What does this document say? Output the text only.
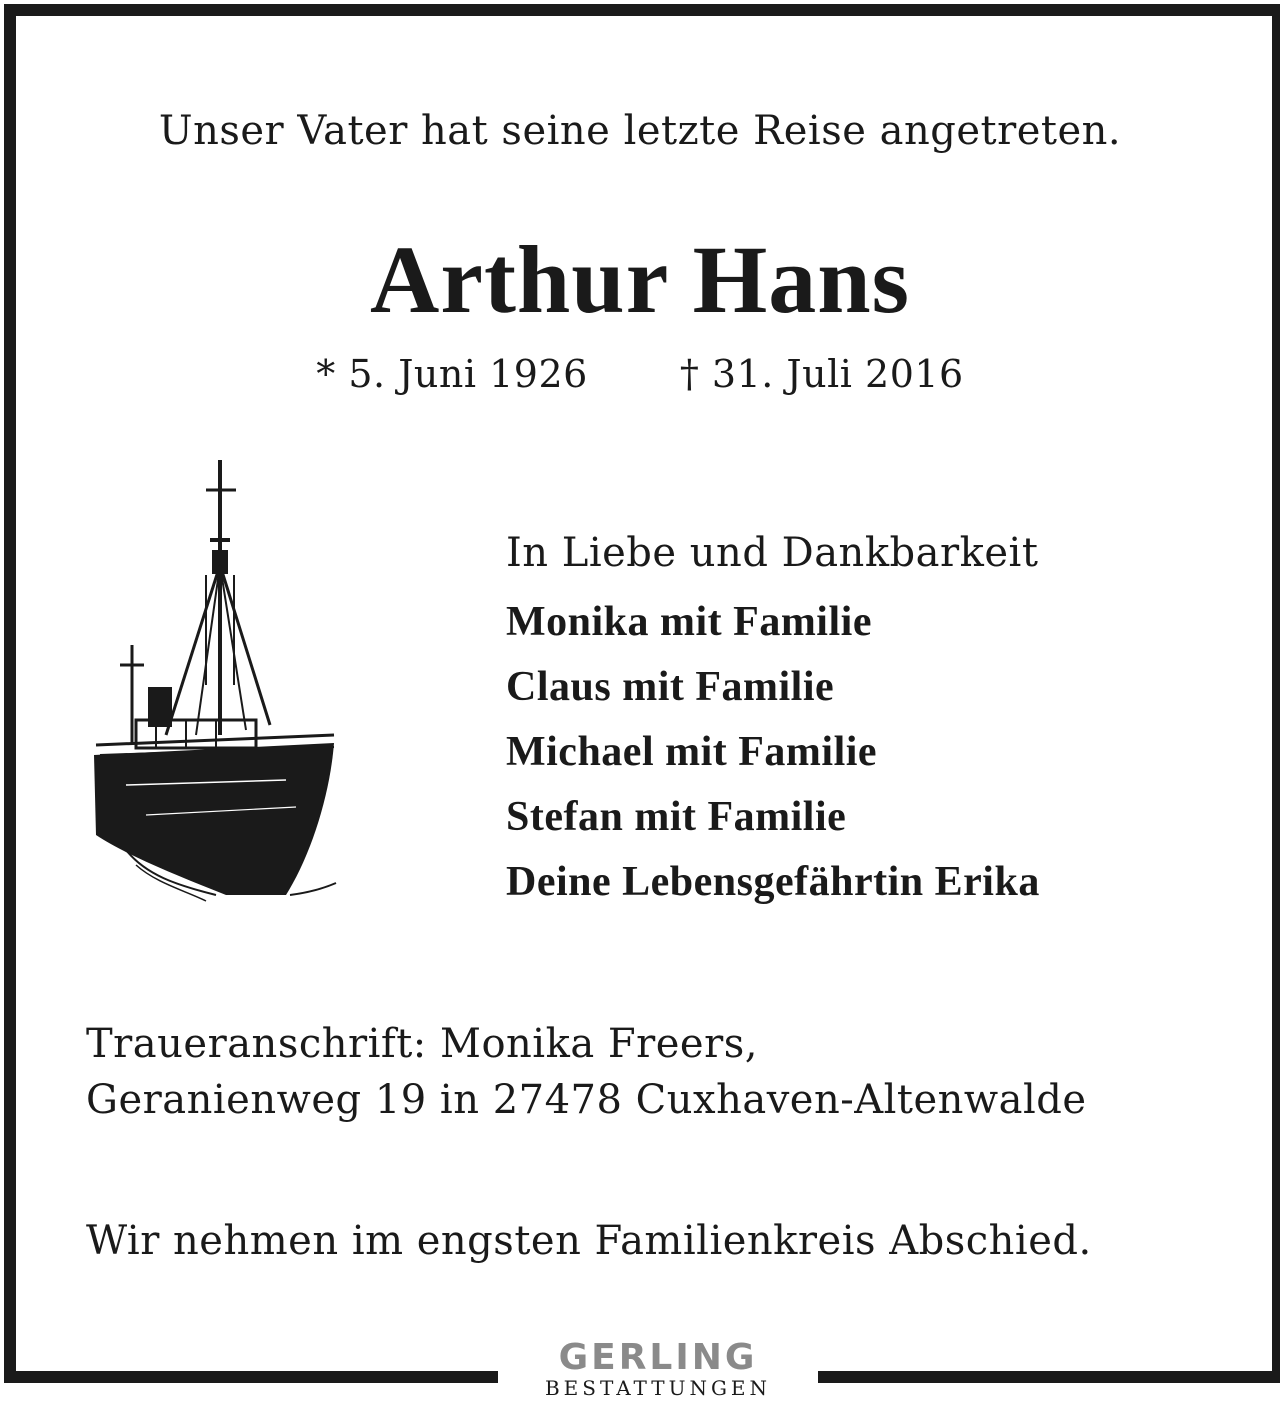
Unser Vater hat seine letzte Reise angetreten.
Arthur Hans
* 5. Juni 1926 † 31. Juli 2016
In Liebe und Dankbarkeit
Monika mit Familie
Claus mit Familie
Michael mit Familie
Stefan mit Familie
Deine Lebensgefährtin Erika
Traueranschrift: Monika Freers,
Geranienweg 19 in 27478 Cuxhaven-Altenwalde
Wir nehmen im engsten Familienkreis Abschied.
GERLING
BESTATTUNGEN
